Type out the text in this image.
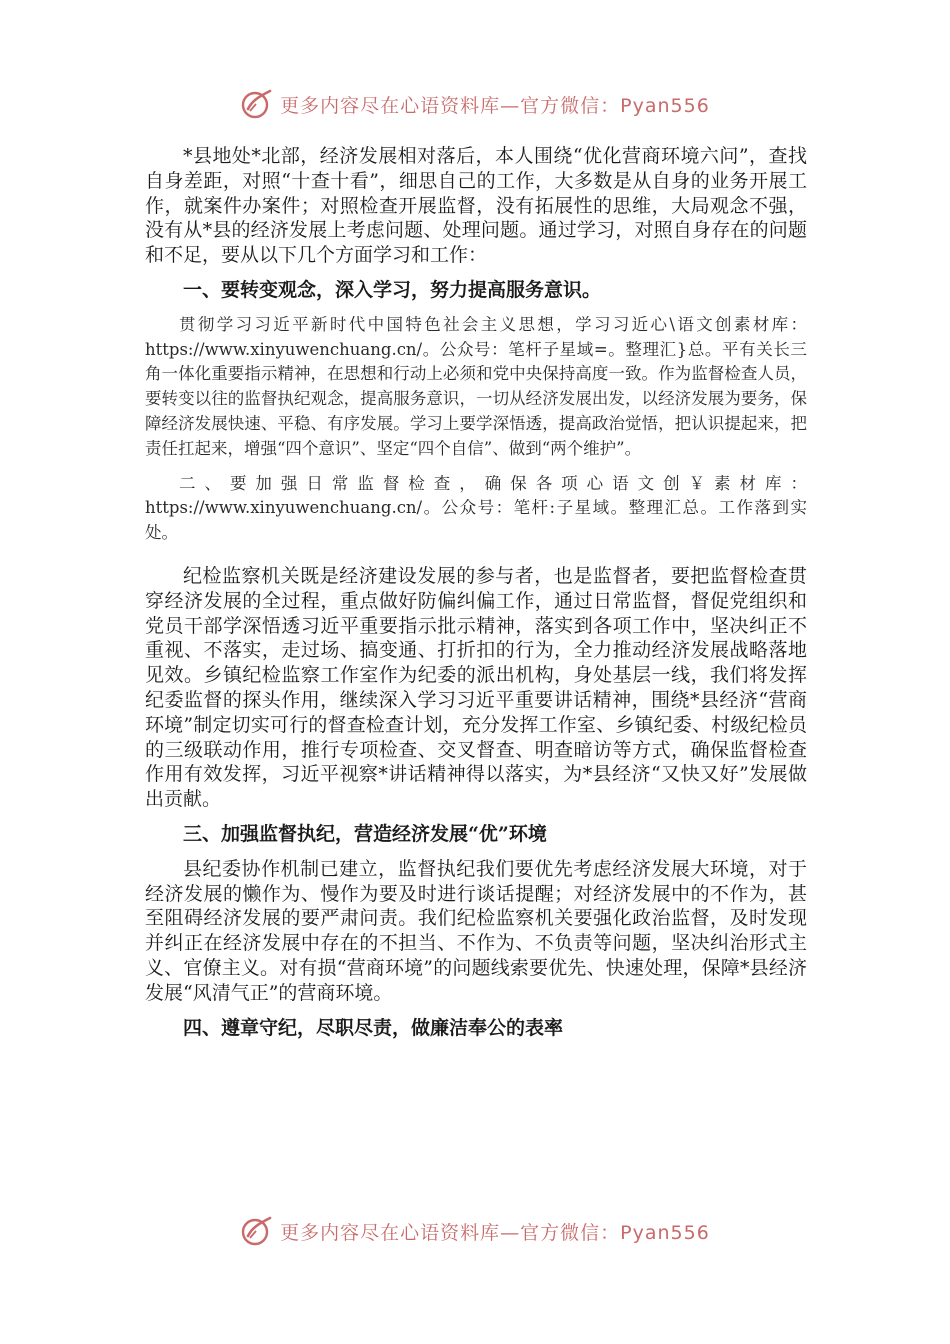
更多内容尽在心语资料库—官方微信：Pyan556

*县地处*北部，经济发展相对落后，本人围绕“优化营商环境六问”，查找自身差距，对照“十查十看”，细思自己的工作，大多数是从自身的业务开展工作，就案件办案件；对照检查开展监督，没有拓展性的思维，大局观念不强，没有从*县的经济发展上考虑问题、处理问题。通过学习，对照自身存在的问题和不足，要从以下几个方面学习和工作：

一、要转变观念，深入学习，努力提高服务意识。

贯彻学习习近平新时代中国特色社会主义思想，学习习近心\语文创素材库：https://www.xinyuwenchuang.cn/。公众号：笔杆子星域=。整理汇}总。平有关长三角一体化重要指示精神，在思想和行动上必须和党中央保持高度一致。作为监督检查人员，要转变以往的监督执纪观念，提高服务意识，一切从经济发展出发，以经济发展为要务，保障经济发展快速、平稳、有序发展。学习上要学深悟透，提高政治觉悟，把认识提起来，把责任扛起来，增强“四个意识”、坚定“四个自信”、做到“两个维护”。

二、要加强日常监督检查，确保各项心语文创￥素材库：https://www.xinyuwenchuang.cn/。公众号：笔杆:子星域。整理汇总。工作落到实处。

纪检监察机关既是经济建设发展的参与者，也是监督者，要把监督检查贯穿经济发展的全过程，重点做好防偏纠偏工作，通过日常监督，督促党组织和党员干部学深悟透习近平重要指示批示精神，落实到各项工作中，坚决纠正不重视、不落实，走过场、搞变通、打折扣的行为，全力推动经济发展战略落地见效。乡镇纪检监察工作室作为纪委的派出机构，身处基层一线，我们将发挥纪委监督的探头作用，继续深入学习习近平重要讲话精神，围绕*县经济“营商环境”制定切实可行的督查检查计划，充分发挥工作室、乡镇纪委、村级纪检员的三级联动作用，推行专项检查、交叉督查、明查暗访等方式，确保监督检查作用有效发挥，习近平视察*讲话精神得以落实，为*县经济“又快又好”发展做出贡献。

三、加强监督执纪，营造经济发展“优”环境

县纪委协作机制已建立，监督执纪我们要优先考虑经济发展大环境，对于经济发展的懒作为、慢作为要及时进行谈话提醒；对经济发展中的不作为，甚至阻碍经济发展的要严肃问责。我们纪检监察机关要强化政治监督，及时发现并纠正在经济发展中存在的不担当、不作为、不负责等问题，坚决纠治形式主义、官僚主义。对有损“营商环境”的问题线索要优先、快速处理，保障*县经济发展“风清气正”的营商环境。

四、遵章守纪，尽职尽责，做廉洁奉公的表率
更多内容尽在心语资料库—官方微信：Pyan556
